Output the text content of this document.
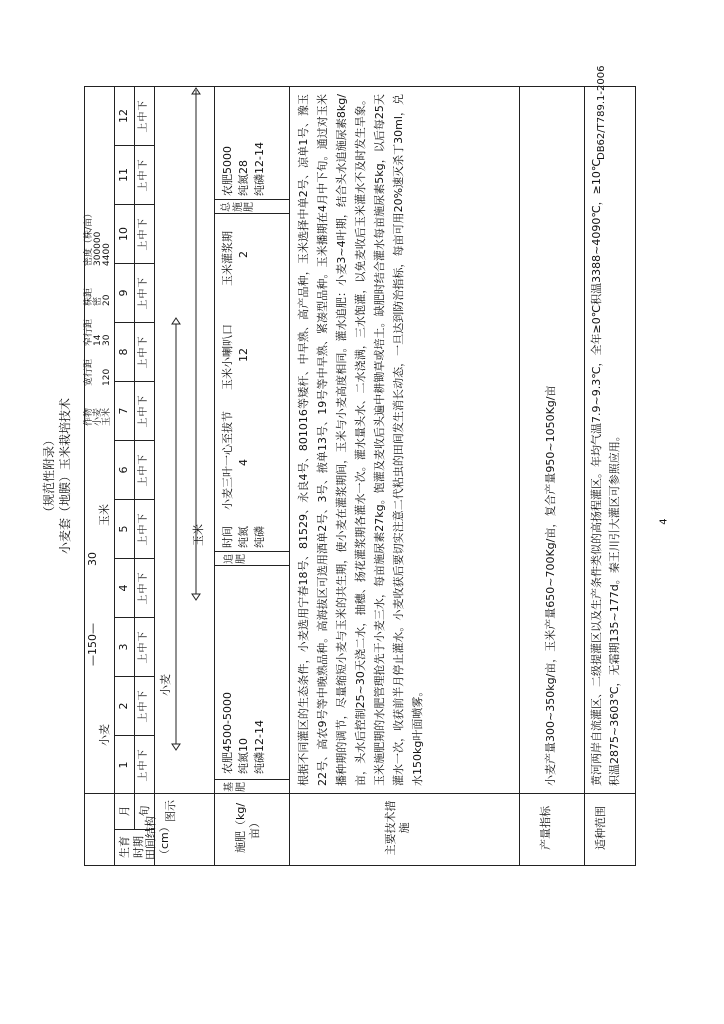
DB62/T789.1-2006
（规范性附录） 小麦套（地膜）玉米栽培技术
田间结构（cm）
月 旬
生育时期
图示
1 上中下
2 上中下
3 上中下
4 上中下
5 上中下
6 上中下
7 上中下
8 上中下
9 上中下
10 上中下
11 上中下
12 上中下
小麦
玉米
施肥（kg/亩）
基肥
农肥4500-5000 纯氮10 纯磷12-14
追肥
时间 纯氮 纯磷
小麦三叶一心至拔节 4
玉米小喇叭口 12
玉米灌浆期 2
总施肥
农肥5000 纯氮28 纯磷12-14
主要技术措施
根据不同灌区的生态条件，小麦选用宁春18号、81529、永良4号、801016等矮杆、中早熟、高产品种，玉米选择中单2号、凉单1号、豫玉22号、高农9号等中晚熟品种。高海拔区可选用酒单2号、3号、掖单13号、19号等中早熟、紧凑型品种。玉米播期在4月中下旬。通过对玉米播种期的调节，尽量缩短小麦与玉米的共生期，使小麦在灌浆期间，玉米与小麦高度相同。灌水追肥：小麦3~4叶期，结合头水追施尿素8kg/亩，头水后控制25~30天浇二水，抽穗、扬花灌浆期各灌水一次。灌水量头水、二水浇满，三水饱灌，以免麦收后玉米灌水不及时发生旱象。玉米施肥期的水肥管理抢先于小麦三水，每亩施尿素27kg。饱灌及麦收后头遍中耕锄草或培土。缺肥时结合灌水每亩施尿素5kg，以后每25天灌水一次，收获前半月停止灌水。小麦收获后要切实注意二代粘虫的田间发生消长动态，一旦达到防治指标，每亩可用20%速灭杀丁30ml，兑水150kg叶面喷雾。
产量指标
小麦产量300~350kg/亩，玉米产量650~700Kg/亩，复合产量950~1050Kg/亩
适种范围
黄河两岸自流灌区、二级提灌区以及生产条件类似的高扬程灌区。年均气温7.9~9.3℃，全年≥0℃积温3388~4090℃，≥10℃ 积温2875~3603℃，无霜期135~177d。秦王川引大灌区可参照应用。
—150—
30
小麦
玉米
作物宽行距窄行距株距密度（株/亩）
小麦14密300000
玉米12030204400
4
